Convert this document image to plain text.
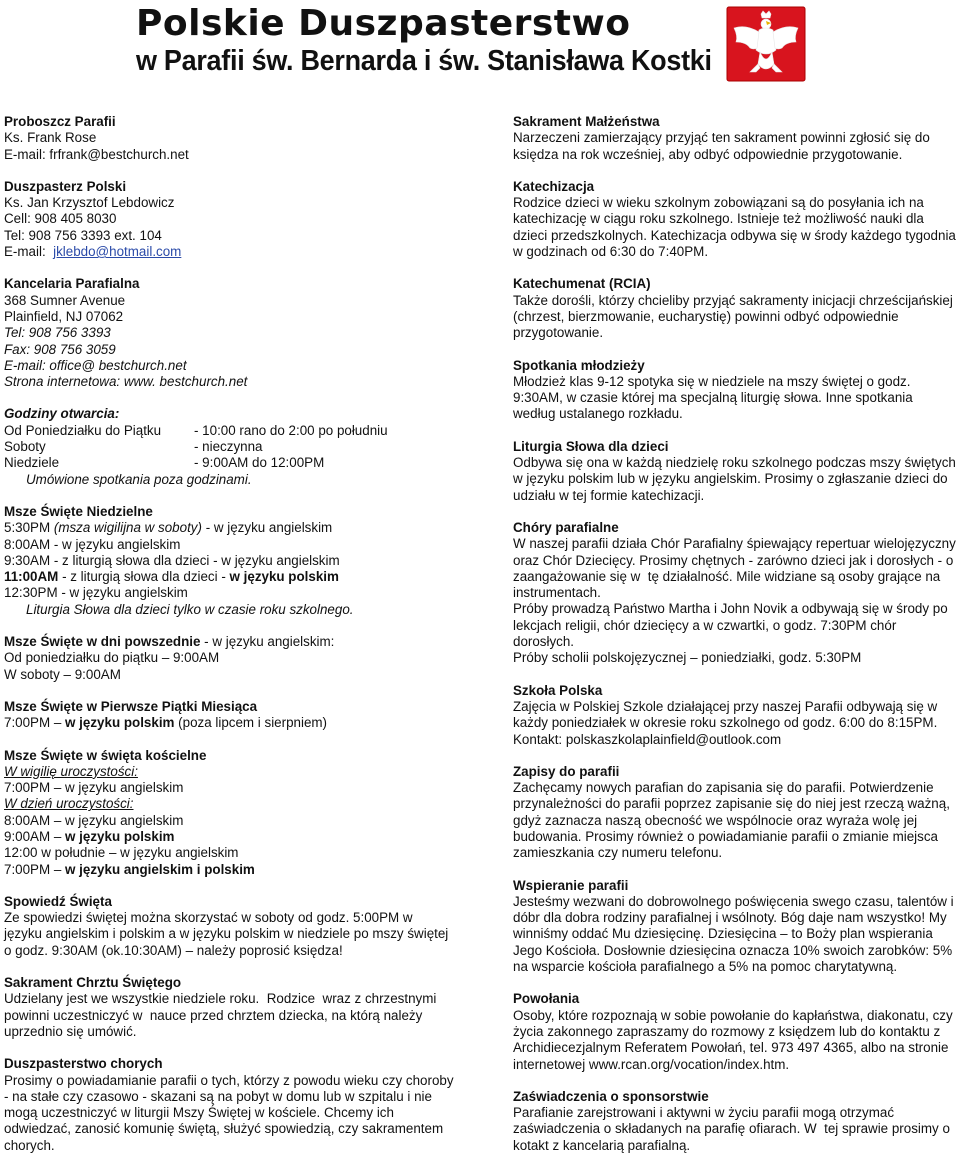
Polskie Duszpasterstwo
w Parafii św. Bernarda i św. Stanisława Kostki
Proboszcz Parafii
Ks. Frank Rose
E-mail: frfrank@bestchurch.net
Duszpasterz Polski
Ks. Jan Krzysztof Lebdowicz
Cell: 908 405 8030
Tel: 908 756 3393 ext. 104
E-mail: jklebdo@hotmail.com
Kancelaria Parafialna
368 Sumner Avenue
Plainfield, NJ 07062
Tel: 908 756 3393
Fax: 908 756 3059
E-mail: office@ bestchurch.net
Strona internetowa: www. bestchurch.net
Godziny otwarcia:
Od Poniedziałku do Piątku	- 10:00 rano do 2:00 po południu
Soboty	- nieczynna
Niedziele	- 9:00AM do 12:00PM
Umówione spotkania poza godzinami.
Msze Święte Niedzielne
5:30PM (msza wigilijna w soboty) - w języku angielskim
8:00AM - w języku angielskim
9:30AM - z liturgią słowa dla dzieci - w języku angielskim
11:00AM - z liturgią słowa dla dzieci - w języku polskim
12:30PM - w języku angielskim
Liturgia Słowa dla dzieci tylko w czasie roku szkolnego.
Msze Święte w dni powszednie - w języku angielskim:
Od poniedziałku do piątku – 9:00AM
W soboty – 9:00AM
Msze Święte w Pierwsze Piątki Miesiąca
7:00PM – w języku polskim (poza lipcem i sierpniem)
Msze Święte w święta kościelne
W wigilię uroczystości:
7:00PM – w języku angielskim
W dzień uroczystości:
8:00AM – w języku angielskim
9:00AM – w języku polskim
12:00 w południe – w języku angielskim
7:00PM – w języku angielskim i polskim
Spowiedź Święta
Ze spowiedzi świętej można skorzystać w soboty od godz. 5:00PM w języku angielskim i polskim a w języku polskim w niedziele po mszy świętej o godz. 9:30AM (ok.10:30AM) – należy poprosić księdza!
Sakrament Chrztu Świętego
Udzielany jest we wszystkie niedziele roku.  Rodzice  wraz z chrzestnymi powinni uczestniczyć w  nauce przed chrztem dziecka, na którą należy uprzednio się umówić.
Duszpasterstwo chorych
Prosimy o powiadamianie parafii o tych, którzy z powodu wieku czy choroby - na stałe czy czasowo - skazani są na pobyt w domu lub w szpitalu i nie mogą uczestniczyć w liturgii Mszy Świętej w kościele. Chcemy ich odwiedzać, zanosić komunię świętą, służyć spowiedzią, czy sakramentem chorych.
Sakrament Małżeństwa
Narzeczeni zamierzający przyjąć ten sakrament powinni zgłosić się do księdza na rok wcześniej, aby odbyć odpowiednie przygotowanie.
Katechizacja
Rodzice dzieci w wieku szkolnym zobowiązani są do posyłania ich na katechizację w ciągu roku szkolnego. Istnieje też możliwość nauki dla dzieci przedszkolnych. Katechizacja odbywa się w środy każdego tygodnia w godzinach od 6:30 do 7:40PM.
Katechumenat (RCIA)
Także dorośli, którzy chcieliby przyjąć sakramenty inicjacji chrześcijańskiej (chrzest, bierzmowanie, eucharystię) powinni odbyć odpowiednie przygotowanie.
Spotkania młodzieży
Młodzież klas 9-12 spotyka się w niedziele na mszy świętej o godz. 9:30AM, w czasie której ma specjalną liturgię słowa. Inne spotkania według ustalanego rozkładu.
Liturgia Słowa dla dzieci
Odbywa się ona w każdą niedzielę roku szkolnego podczas mszy świętych w języku polskim lub w języku angielskim. Prosimy o zgłaszanie dzieci do udziału w tej formie katechizacji.
Chóry parafialne
W naszej parafii działa Chór Parafialny śpiewający repertuar wielojęzyczny oraz Chór Dziecięcy. Prosimy chętnych - zarówno dzieci jak i dorosłych - o zaangażowanie się w  tę działalność. Mile widziane są osoby grające na instrumentach.
Próby prowadzą Państwo Martha i John Novik a odbywają się w środy po lekcjach religii, chór dziecięcy a w czwartki, o godz. 7:30PM chór dorosłych.
Próby scholii polskojęzycznej – poniedziałki, godz. 5:30PM
Szkoła Polska
Zajęcia w Polskiej Szkole działającej przy naszej Parafii odbywają się w każdy poniedziałek w okresie roku szkolnego od godz. 6:00 do 8:15PM. Kontakt: polskaszkolaplainfield@outlook.com
Zapisy do parafii
Zachęcamy nowych parafian do zapisania się do parafii. Potwierdzenie przynależności do parafii poprzez zapisanie się do niej jest rzeczą ważną, gdyż zaznacza naszą obecność we wspólnocie oraz wyraża wolę jej budowania. Prosimy również o powiadamianie parafii o zmianie miejsca zamieszkania czy numeru telefonu.
Wspieranie parafii
Jesteśmy wezwani do dobrowolnego poświęcenia swego czasu, talentów i dóbr dla dobra rodziny parafialnej i wsólnoty. Bóg daje nam wszystko! My winniśmy oddać Mu dziesięcinę. Dziesięcina – to Boży plan wspierania Jego Kościoła. Dosłownie dziesięcina oznacza 10% swoich zarobków: 5% na wsparcie kościoła parafialnego a 5% na pomoc charytatywną.
Powołania
Osoby, które rozpoznają w sobie powołanie do kapłaństwa, diakonatu, czy życia zakonnego zapraszamy do rozmowy z księdzem lub do kontaktu z Archidiecezjalnym Referatem Powołań, tel. 973 497 4365, albo na stronie internetowej www.rcan.org/vocation/index.htm.
Zaświadczenia o sponsorstwie
Parafianie zarejstrowani i aktywni w życiu parafii mogą otrzymać zaświadczenia o składanych na parafię ofiarach. W  tej sprawie prosimy o kotakt z kancelarią parafialną.
